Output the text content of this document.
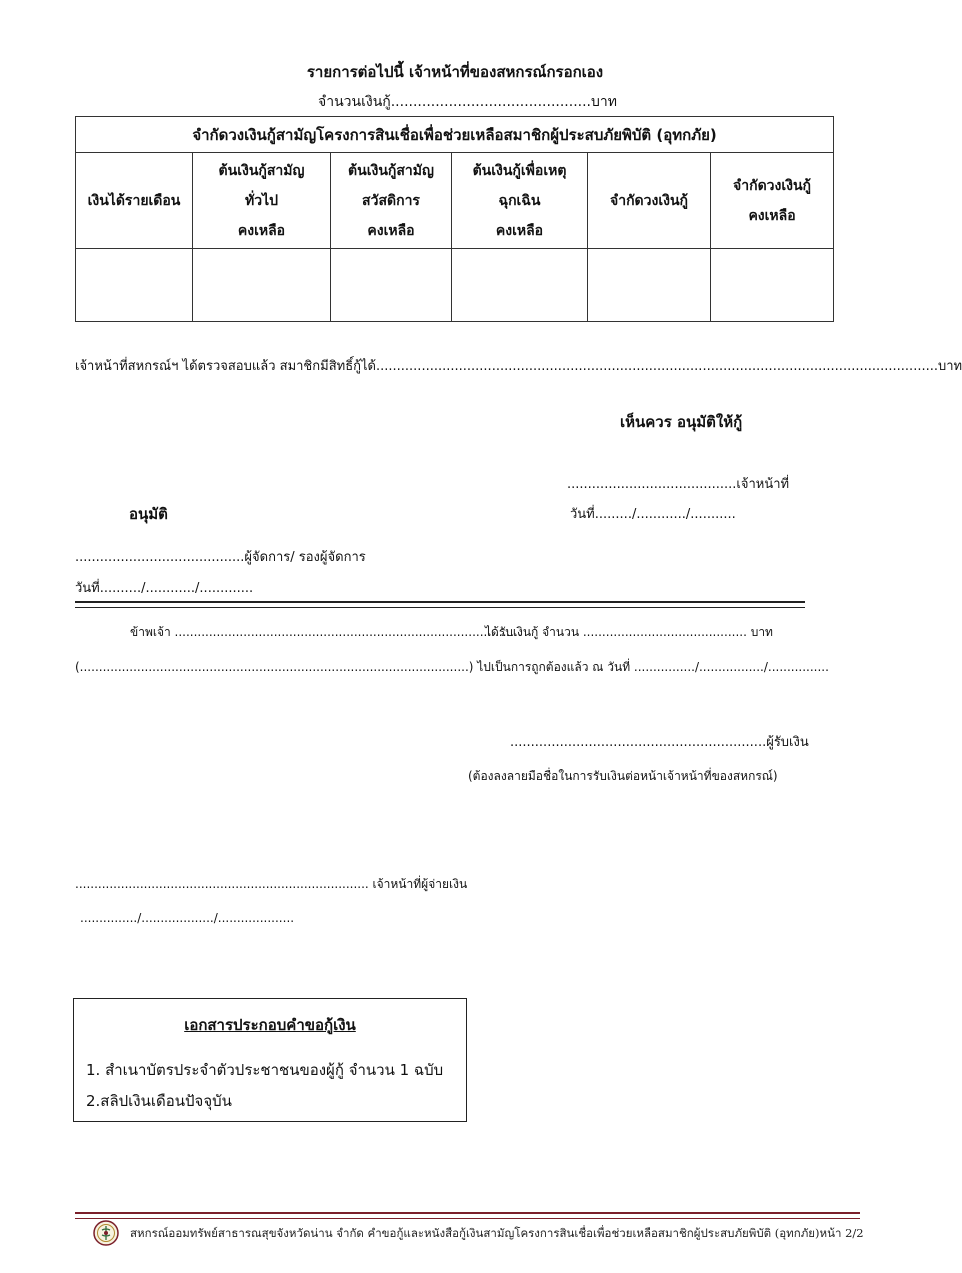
รายการต่อไปนี้ เจ้าหน้าที่ของสหกรณ์กรอกเอง
จำนวนเงินกู้.............................................บาท
จำกัดวงเงินกู้สามัญโครงการสินเชื่อเพื่อช่วยเหลือสมาชิกผู้ประสบภัยพิบัติ (อุทกภัย)					

เงินได้รายเดือน	ต้นเงินกู้สามัญ
ทั่วไป
คงเหลือ	ต้นเงินกู้สามัญ
สวัสดิการ
คงเหลือ	ต้นเงินกู้เพื่อเหตุ
ฉุกเฉิน
คงเหลือ	จำกัดวงเงินกู้	จำกัดวงเงินกู้
คงเหลือ

เจ้าหน้าที่สหกรณ์ฯ ได้ตรวจสอบแล้ว สมาชิกมีสิทธิ์กู้ได้........................................................................................................................................บาท
เห็นควร อนุมัติให้กู้
.........................................เจ้าหน้าที่
วันที่........./............/...........
อนุมัติ
.........................................ผู้จัดการ/ รองผู้จัดการ
วันที่........../............/.............
ข้าพเจ้า ...........................................................................................
ได้รับเงินกู้ จำนวน ........................................... บาท
(......................................................................................................) ไปเป็นการถูกต้องแล้ว ณ วันที่ ................/................./................
..............................................................ผู้รับเงิน
(ต้องลงลายมือชื่อในการรับเงินต่อหน้าเจ้าหน้าที่ของสหกรณ์)
............................................................................. เจ้าหน้าที่ผู้จ่ายเงิน
.............../.................../....................
เอกสารประกอบคำขอกู้เงิน
1. สำเนาบัตรประจำตัวประชาชนของผู้กู้ จำนวน 1 ฉบับ
2.สลิปเงินเดือนปัจจุบัน
สหกรณ์ออมทรัพย์สาธารณสุขจังหวัดน่าน จำกัด คำขอกู้และหนังสือกู้เงินสามัญโครงการสินเชื่อเพื่อช่วยเหลือสมาชิกผู้ประสบภัยพิบัติ (อุทกภัย)หน้า 2/2
